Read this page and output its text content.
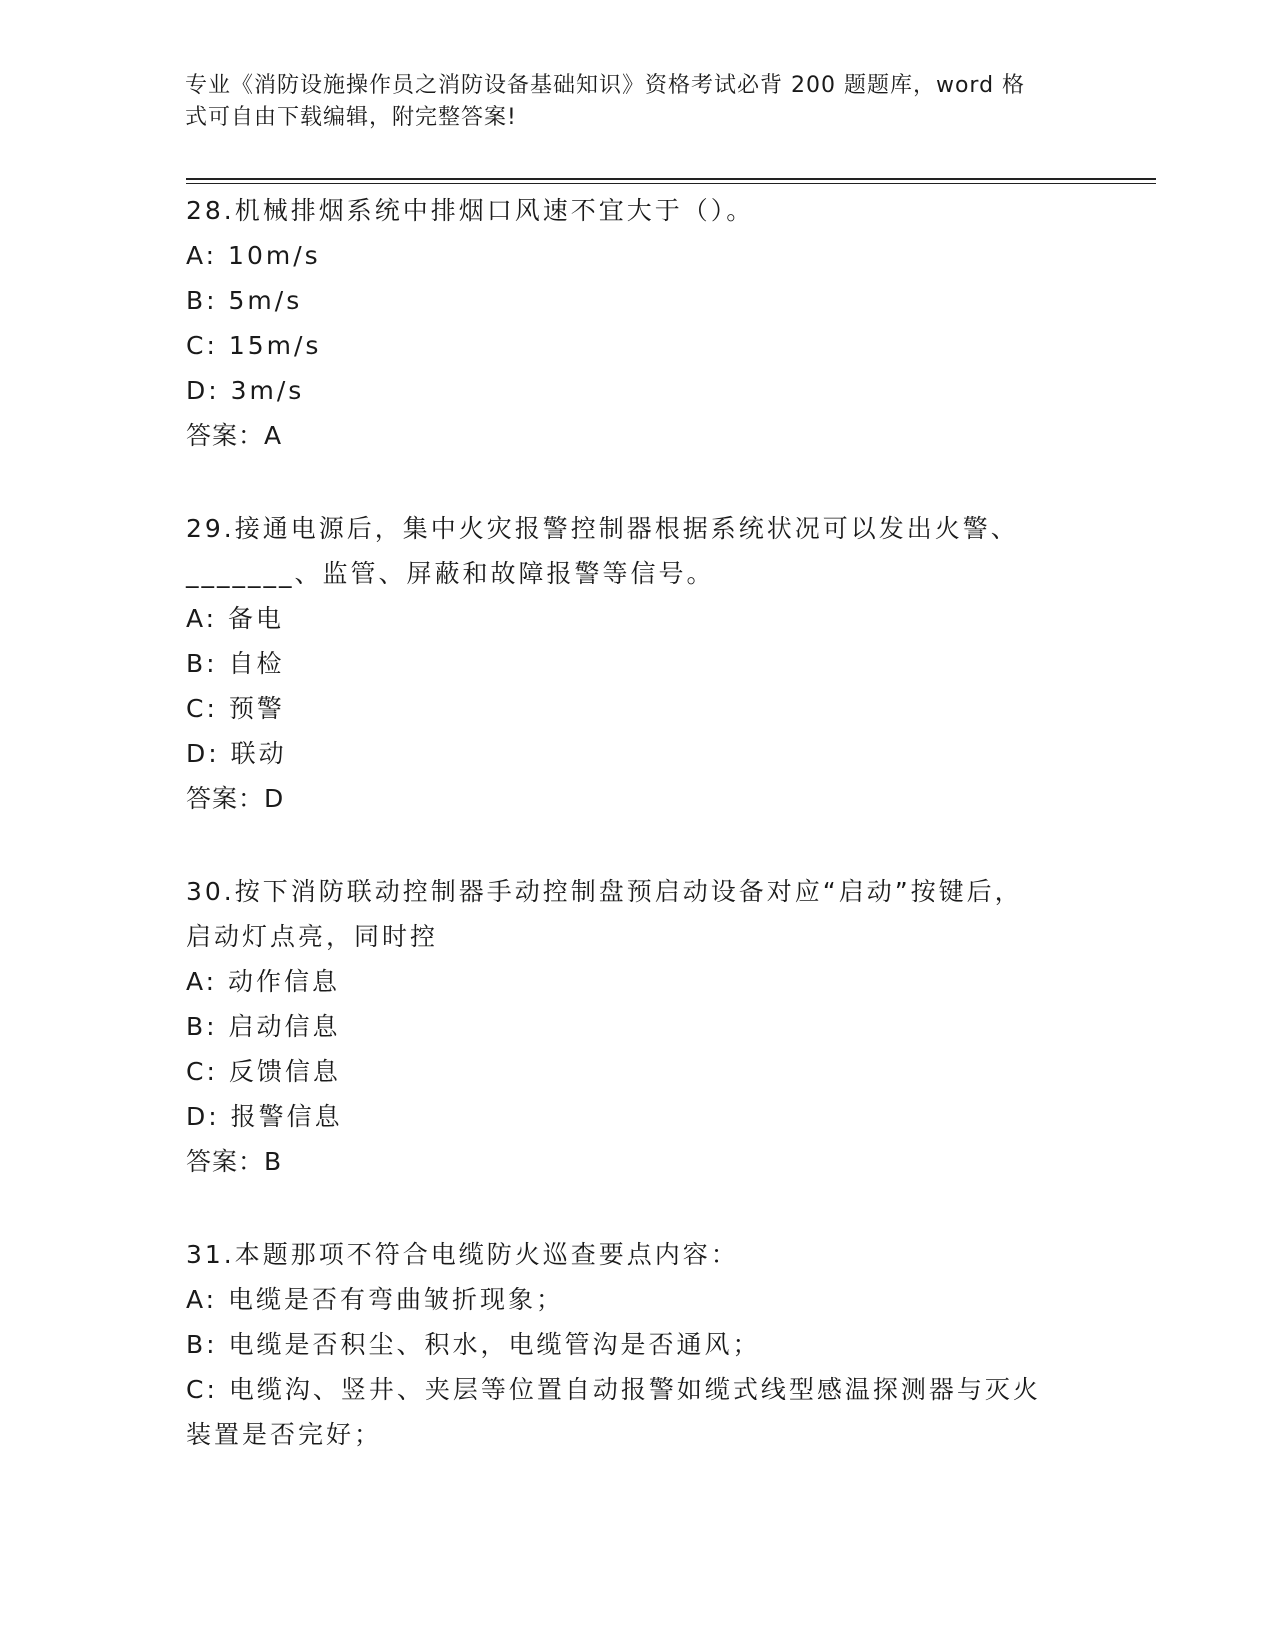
专业《消防设施操作员之消防设备基础知识》资格考试必背 200 题题库，word 格

式可自由下载编辑，附完整答案!

28.机械排烟系统中排烟口风速不宜大于（）。

A: 10m/s

B: 5m/s

C: 15m/s

D: 3m/s

答案：A

29.接通电源后，集中火灾报警控制器根据系统状况可以发出火警、

_______、监管、屏蔽和故障报警等信号。

A: 备电

B: 自检

C: 预警

D: 联动

答案：D

30.按下消防联动控制器手动控制盘预启动设备对应“启动”按键后，

启动灯点亮，同时控

A: 动作信息

B: 启动信息

C: 反馈信息

D: 报警信息

答案：B

31.本题那项不符合电缆防火巡查要点内容：

A: 电缆是否有弯曲皱折现象；

B: 电缆是否积尘、积水，电缆管沟是否通风；

C: 电缆沟、竖井、夹层等位置自动报警如缆式线型感温探测器与灭火

装置是否完好；
